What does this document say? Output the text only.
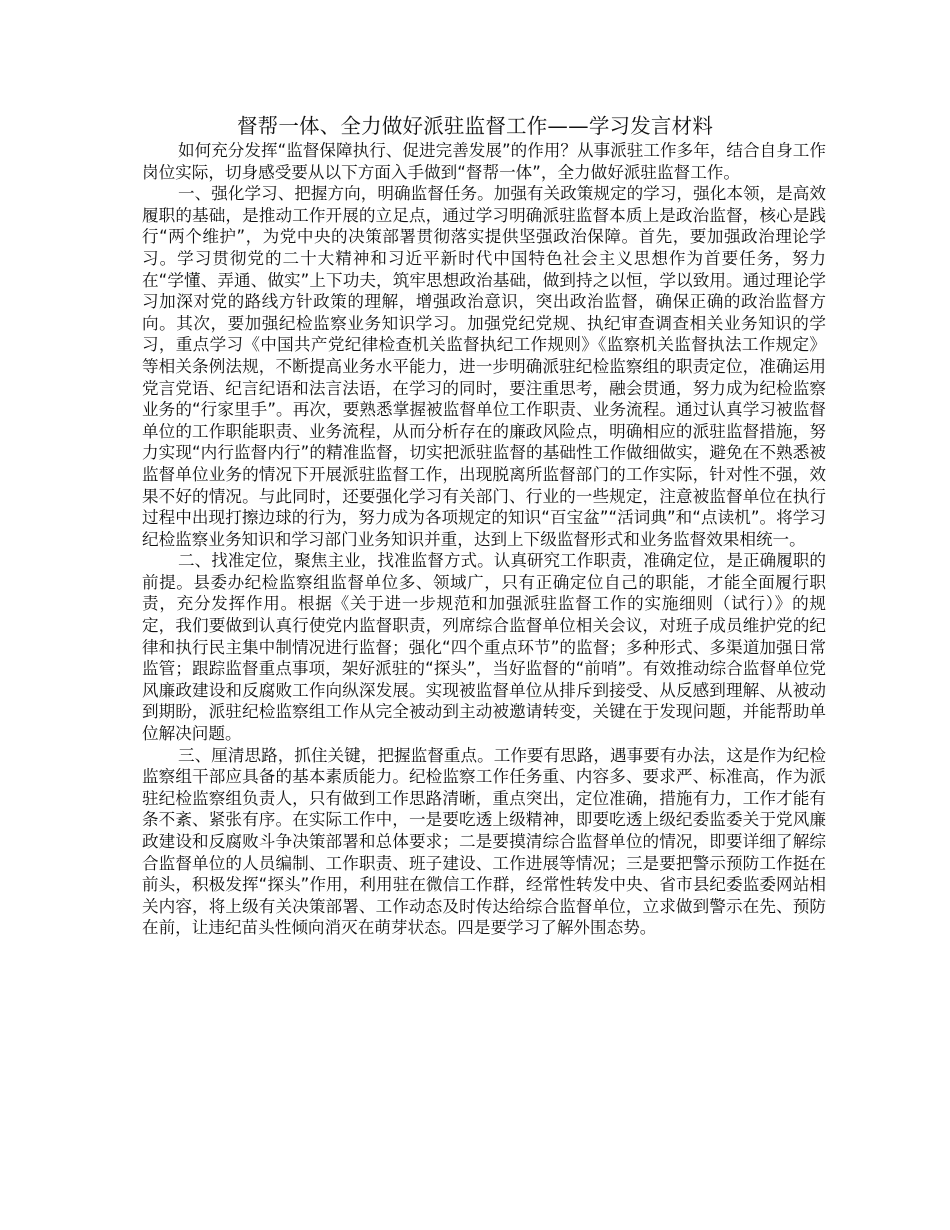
督帮一体、全力做好派驻监督工作——学习发言材料

如何充分发挥“监督保障执行、促进完善发展”的作用？从事派驻工作多年，结合自身工作岗位实际，切身感受要从以下方面入手做到“督帮一体”，全力做好派驻监督工作。

一、强化学习、把握方向，明确监督任务。加强有关政策规定的学习，强化本领，是高效履职的基础，是推动工作开展的立足点，通过学习明确派驻监督本质上是政治监督，核心是践行“两个维护”，为党中央的决策部署贯彻落实提供坚强政治保障。首先，要加强政治理论学习。学习贯彻党的二十大精神和习近平新时代中国特色社会主义思想作为首要任务，努力在“学懂、弄通、做实”上下功夫，筑牢思想政治基础，做到持之以恒，学以致用。通过理论学习加深对党的路线方针政策的理解，增强政治意识，突出政治监督，确保正确的政治监督方向。其次，要加强纪检监察业务知识学习。加强党纪党规、执纪审查调查相关业务知识的学习，重点学习《中国共产党纪律检查机关监督执纪工作规则》《监察机关监督执法工作规定》等相关条例法规，不断提高业务水平能力，进一步明确派驻纪检监察组的职责定位，准确运用党言党语、纪言纪语和法言法语，在学习的同时，要注重思考，融会贯通，努力成为纪检监察业务的“行家里手”。再次，要熟悉掌握被监督单位工作职责、业务流程。通过认真学习被监督单位的工作职能职责、业务流程，从而分析存在的廉政风险点，明确相应的派驻监督措施，努力实现“内行监督内行”的精准监督，切实把派驻监督的基础性工作做细做实，避免在不熟悉被监督单位业务的情况下开展派驻监督工作，出现脱离所监督部门的工作实际，针对性不强，效果不好的情况。与此同时，还要强化学习有关部门、行业的一些规定，注意被监督单位在执行过程中出现打擦边球的行为，努力成为各项规定的知识“百宝盆”“活词典”和“点读机”。将学习纪检监察业务知识和学习部门业务知识并重，达到上下级监督形式和业务监督效果相统一。

二、找准定位，聚焦主业，找准监督方式。认真研究工作职责，准确定位，是正确履职的前提。县委办纪检监察组监督单位多、领域广，只有正确定位自己的职能，才能全面履行职责，充分发挥作用。根据《关于进一步规范和加强派驻监督工作的实施细则（试行）》的规定，我们要做到认真行使党内监督职责，列席综合监督单位相关会议，对班子成员维护党的纪律和执行民主集中制情况进行监督；强化“四个重点环节”的监督；多种形式、多渠道加强日常监管；跟踪监督重点事项，架好派驻的“探头”，当好监督的“前哨”。有效推动综合监督单位党风廉政建设和反腐败工作向纵深发展。实现被监督单位从排斥到接受、从反感到理解、从被动到期盼，派驻纪检监察组工作从完全被动到主动被邀请转变，关键在于发现问题，并能帮助单位解决问题。

三、厘清思路，抓住关键，把握监督重点。工作要有思路，遇事要有办法，这是作为纪检监察组干部应具备的基本素质能力。纪检监察工作任务重、内容多、要求严、标准高，作为派驻纪检监察组负责人，只有做到工作思路清晰，重点突出，定位准确，措施有力，工作才能有条不紊、紧张有序。在实际工作中，一是要吃透上级精神，即要吃透上级纪委监委关于党风廉政建设和反腐败斗争决策部署和总体要求；二是要摸清综合监督单位的情况，即要详细了解综合监督单位的人员编制、工作职责、班子建设、工作进展等情况；三是要把警示预防工作挺在前头，积极发挥“探头”作用，利用驻在微信工作群，经常性转发中央、省市县纪委监委网站相关内容，将上级有关决策部署、工作动态及时传达给综合监督单位，立求做到警示在先、预防在前，让违纪苗头性倾向消灭在萌芽状态。四是要学习了解外围态势。
